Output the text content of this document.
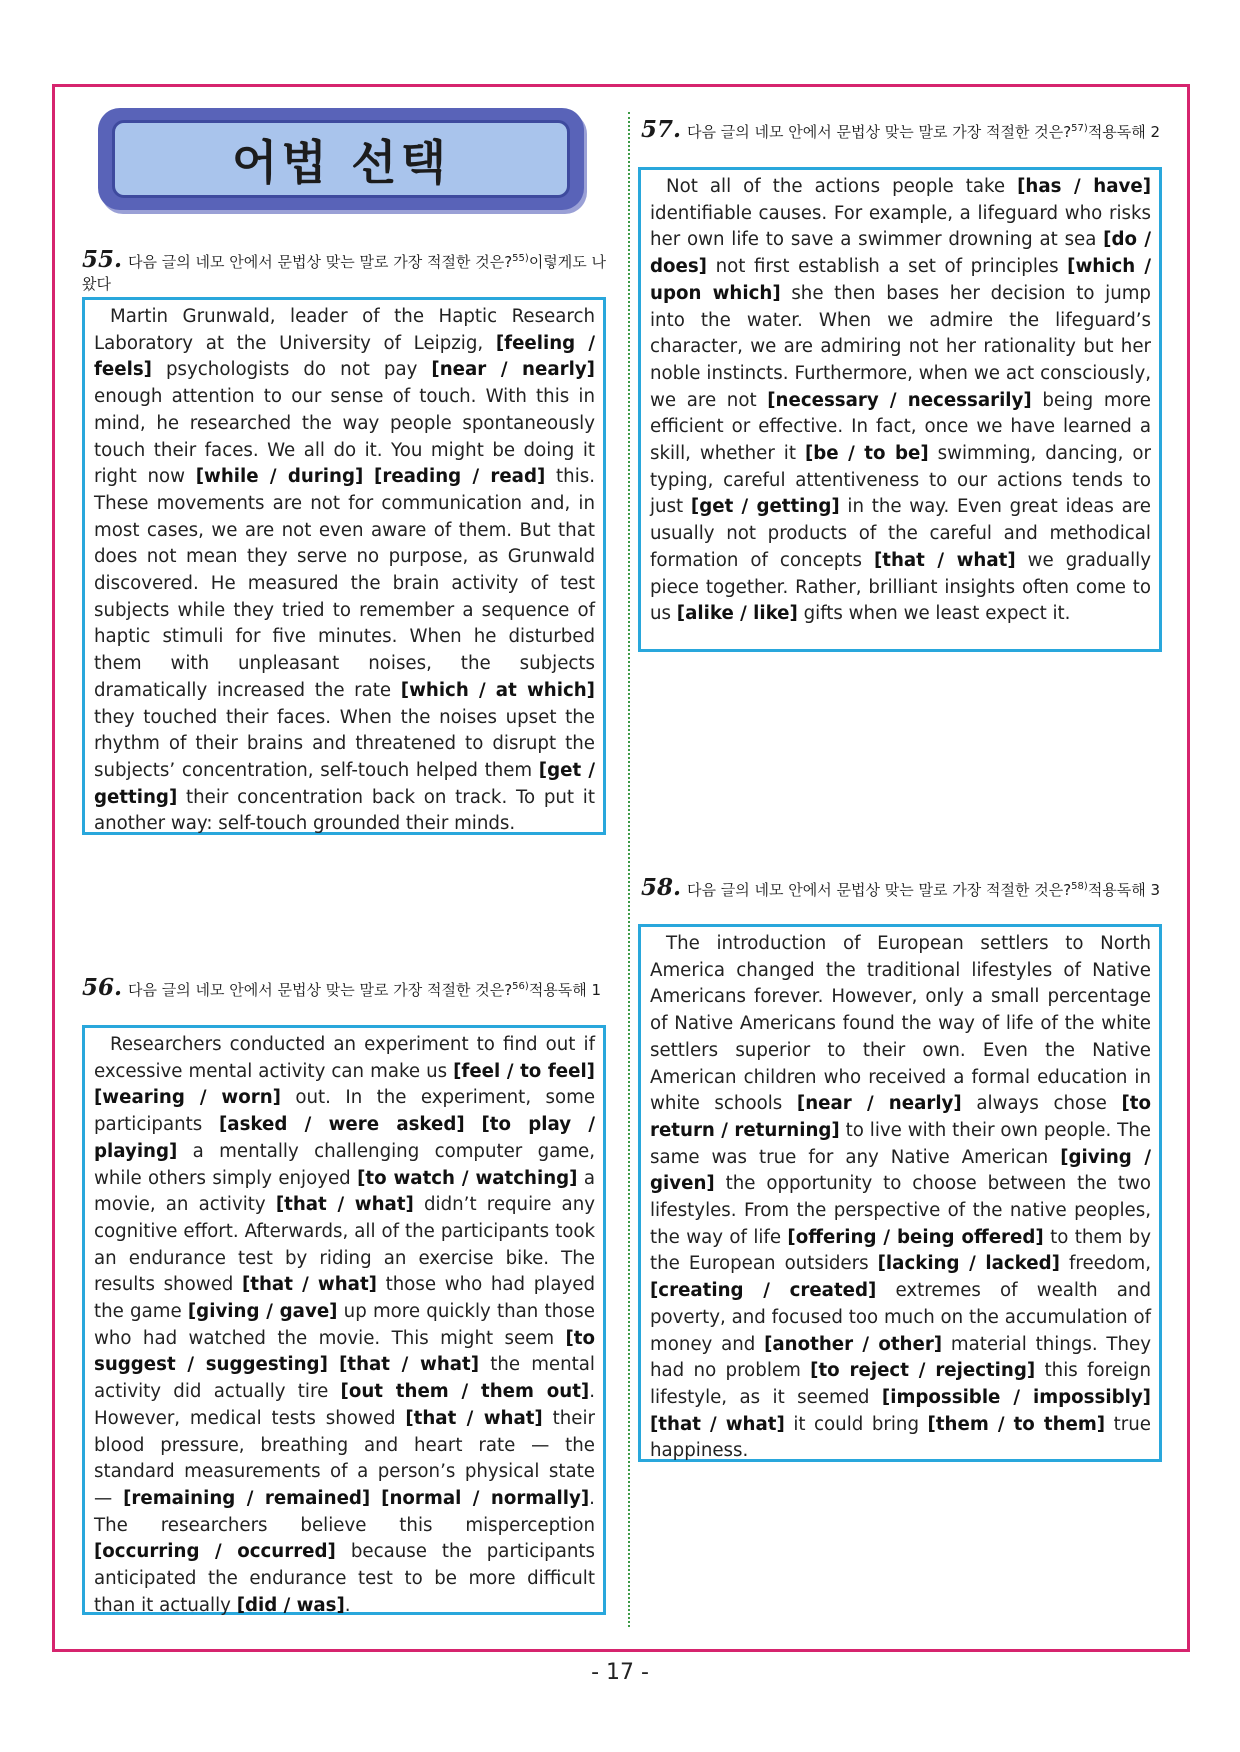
어법 선택
55. 다음 글의 네모 안에서 문법상 맞는 말로 가장 적절한 것은?$^{55)}$이렇게도 나왔다

Martin Grunwald, leader of the Haptic Research Laboratory at the University of Leipzig, [feeling / feels] psychologists do not pay [near / nearly] enough attention to our sense of touch. With this in mind, he researched the way people spontaneously touch their faces. We all do it. You might be doing it right now [while / during] [reading / read] this. These movements are not for communication and, in most cases, we are not even aware of them. But that does not mean they serve no purpose, as Grunwald discovered. He measured the brain activity of test subjects while they tried to remember a sequence of haptic stimuli for five minutes. When he disturbed them with unpleasant noises, the subjects dramatically increased the rate [which / at which] they touched their faces. When the noises upset the rhythm of their brains and threatened to disrupt the subjects’ concentration, self-touch helped them [get / getting] their concentration back on track. To put it another way: self-touch grounded their minds.

56. 다음 글의 네모 안에서 문법상 맞는 말로 가장 적절한 것은?$^{56)}$적용독해 1

Researchers conducted an experiment to find out if excessive mental activity can make us [feel / to feel] [wearing / worn] out. In the experiment, some participants [asked / were asked] [to play / playing] a mentally challenging computer game, while others simply enjoyed [to watch / watching] a movie, an activity [that / what] didn’t require any cognitive effort. Afterwards, all of the participants took an endurance test by riding an exercise bike. The results showed [that / what] those who had played the game [giving / gave] up more quickly than those who had watched the movie. This might seem [to suggest / suggesting] [that / what] the mental activity did actually tire [out them / them out]. However, medical tests showed [that / what] their blood pressure, breathing and heart rate — the standard measurements of a person’s physical state — [remaining / remained] [normal / normally]. The researchers believe this misperception [occurring / occurred] because the participants anticipated the endurance test to be more difficult than it actually [did / was].

57. 다음 글의 네모 안에서 문법상 맞는 말로 가장 적절한 것은?$^{57)}$적용독해 2

Not all of the actions people take [has / have] identifiable causes. For example, a lifeguard who risks her own life to save a swimmer drowning at sea [do / does] not first establish a set of principles [which / upon which] she then bases her decision to jump into the water. When we admire the lifeguard’s character, we are admiring not her rationality but her noble instincts. Furthermore, when we act consciously, we are not [necessary / necessarily] being more efficient or effective. In fact, once we have learned a skill, whether it [be / to be] swimming, dancing, or typing, careful attentiveness to our actions tends to just [get / getting] in the way. Even great ideas are usually not products of the careful and methodical formation of concepts [that / what] we gradually piece together. Rather, brilliant insights often come to us [alike / like] gifts when we least expect it.

58. 다음 글의 네모 안에서 문법상 맞는 말로 가장 적절한 것은?$^{58)}$적용독해 3

The introduction of European settlers to North America changed the traditional lifestyles of Native Americans forever. However, only a small percentage of Native Americans found the way of life of the white settlers superior to their own. Even the Native American children who received a formal education in white schools [near / nearly] always chose [to return / returning] to live with their own people. The same was true for any Native American [giving / given] the opportunity to choose between the two lifestyles. From the perspective of the native peoples, the way of life [offering / being offered] to them by the European outsiders [lacking / lacked] freedom, [creating / created] extremes of wealth and poverty, and focused too much on the accumulation of money and [another / other] material things. They had no problem [to reject / rejecting] this foreign lifestyle, as it seemed [impossible / impossibly] [that / what] it could bring [them / to them] true happiness.

- 17 -
